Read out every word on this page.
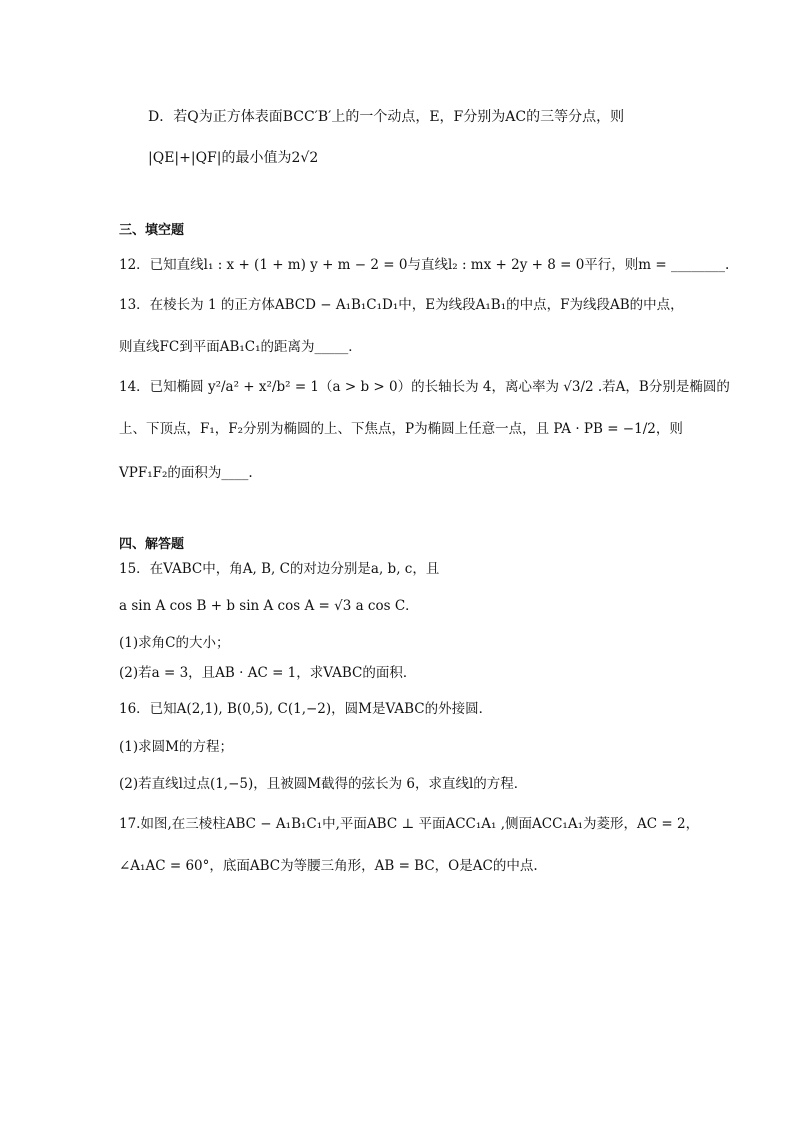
D．若Q为正方体表面BCC′B′上的一个动点，E，F分别为AC的三等分点，则
|QE|+|QF|的最小值为2√2
三、填空题
12．已知直线l₁ : x + (1 + m) y + m − 2 = 0与直线l₂ : mx + 2y + 8 = 0平行，则m = ________.
13．在棱长为 1 的正方体ABCD − A₁B₁C₁D₁中，E为线段A₁B₁的中点，F为线段AB的中点，
则直线FC到平面AB₁C₁的距离为_____．
14．已知椭圆 y²/a² + x²/b² = 1（a > b > 0）的长轴长为 4，离心率为 √3/2 .若A，B分别是椭圆的
上、下顶点，F₁，F₂分别为椭圆的上、下焦点，P为椭圆上任意一点，且 PA · PB = −1/2，则
VPF₁F₂的面积为____.
四、解答题
15．在VABC中，角A, B, C的对边分别是a, b, c，且
a sin A cos B + b sin A cos A = √3 a cos C．
(1)求角C的大小；
(2)若a = 3，且AB · AC = 1，求VABC的面积．
16．已知A(2,1), B(0,5), C(1,−2)，圆M是VABC的外接圆．
(1)求圆M的方程；
(2)若直线l过点(1,−5)，且被圆M截得的弦长为 6，求直线l的方程．
17.如图,在三棱柱ABC − A₁B₁C₁中,平面ABC ⊥ 平面ACC₁A₁ ,侧面ACC₁A₁为菱形，AC = 2，
∠A₁AC = 60°，底面ABC为等腰三角形，AB = BC，O是AC的中点.
